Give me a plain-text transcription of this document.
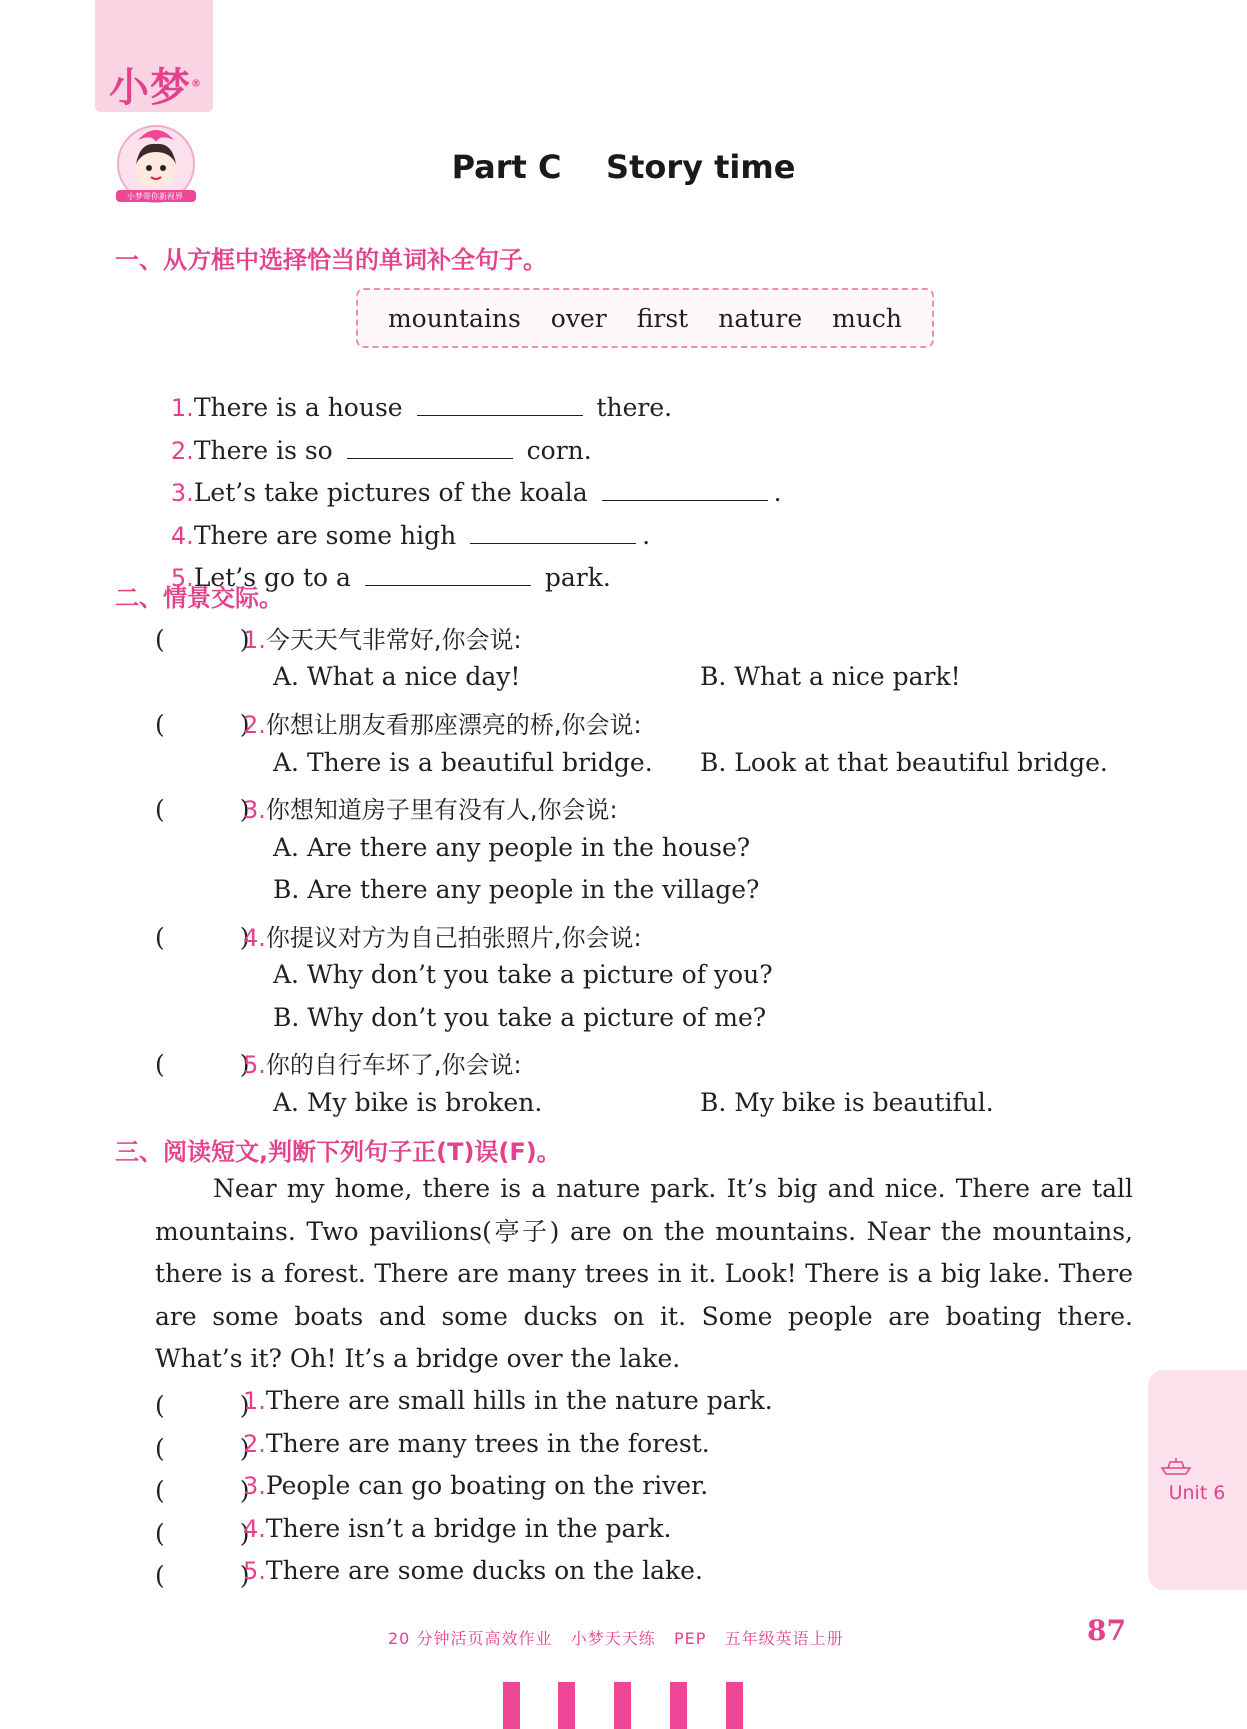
小梦®
小梦带你新视界
Part C    Story time
一、从方框中选择恰当的单词补全句子。
mountains over first nature much

1.There is a house	there.

2.There is so	corn.

3.Let’s take pictures of the koala	.

4.There are some high	.

5.Let’s go to a	park.

二、情景交际。
(　　　)
1.今天天气非常好,你会说:
A. What a nice day!	B. What a nice park!
(　　　)
2.你想让朋友看那座漂亮的桥,你会说:
A. There is a beautiful bridge. B. Look at that beautiful bridge.
(　　　)
3.你想知道房子里有没有人,你会说:
A. Are there any people in the house?
B. Are there any people in the village?
(　　　)
4.你提议对方为自己拍张照片,你会说:
A. Why don’t you take a picture of you?
B. Why don’t you take a picture of me?
(　　　)
5.你的自行车坏了,你会说:
A. My bike is broken.	B. My bike is beautiful.
三、阅读短文,判断下列句子正(T)误(F)。
Near my home, there is a nature park. It’s big and nice. There are tall mountains. Two pavilions(亭子) are on the mountains. Near the mountains, there is a forest. There are many trees in it. Look! There is a big lake. There are some boats and some ducks on it. Some people are boating there. What’s it? Oh! It’s a bridge over the lake.
(　　　)
1.There are small hills in the nature park.
(　　　)
2.There are many trees in the forest.
(　　　)
3.People can go boating on the river.
(　　　)
4.There isn’t a bridge in the park.
(　　　)
5.There are some ducks on the lake.
Unit 6
20 分钟活页高效作业   小梦天天练   PEP   五年级英语上册	87
